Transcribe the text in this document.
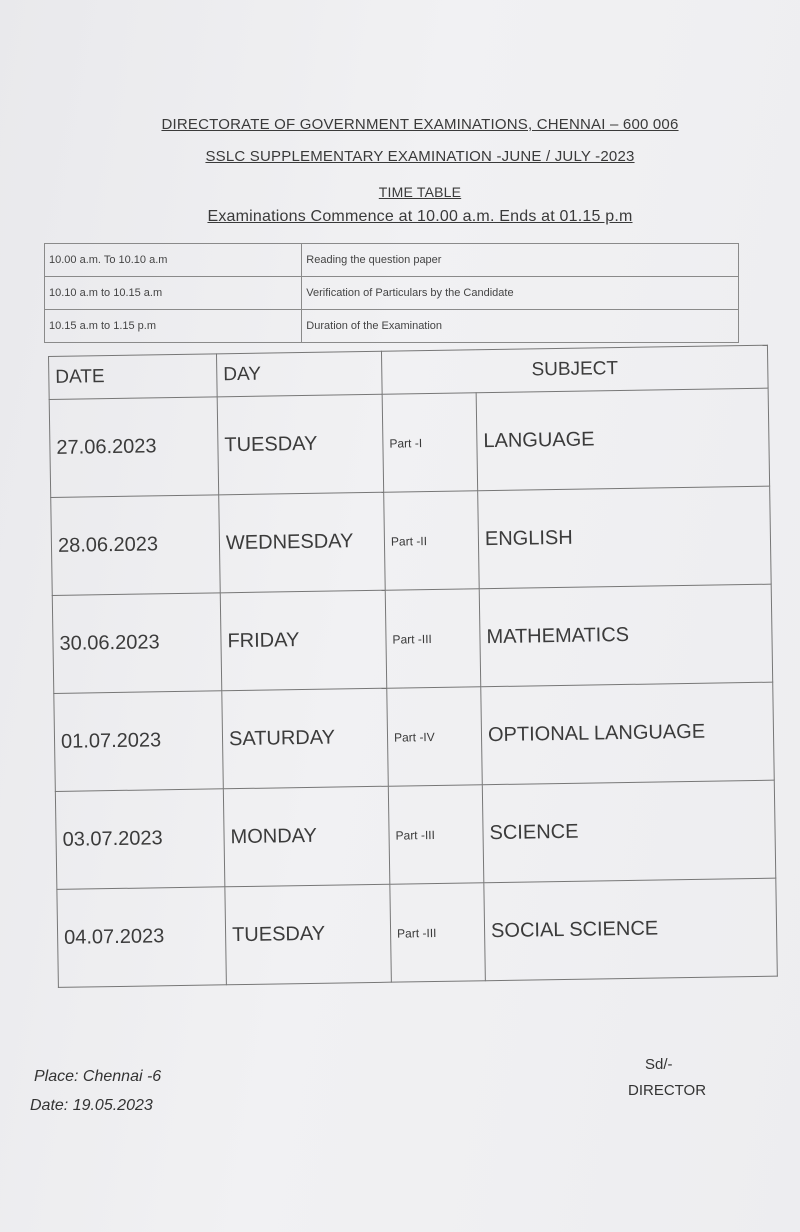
DIRECTORATE OF GOVERNMENT EXAMINATIONS, CHENNAI – 600 006
SSLC SUPPLEMENTARY EXAMINATION -JUNE / JULY -2023
TIME TABLE
Examinations Commence at 10.00 a.m. Ends at 01.15 p.m
10.00 a.m. To 10.10 a.m	Reading the question paper
10.10 a.m to 10.15 a.m	Verification of Particulars by the Candidate
10.15 a.m to 1.15 p.m	Duration of the Examination
DATE	DAY	SUBJECT	
27.06.2023	TUESDAY	Part -I	LANGUAGE
28.06.2023	WEDNESDAY	Part -II	ENGLISH
30.06.2023	FRIDAY	Part -III	MATHEMATICS
01.07.2023	SATURDAY	Part -IV	OPTIONAL LANGUAGE
03.07.2023	MONDAY	Part -III	SCIENCE
04.07.2023	TUESDAY	Part -III	SOCIAL SCIENCE
Place: Chennai -6
Date: 19.05.2023
Sd/-
DIRECTOR
